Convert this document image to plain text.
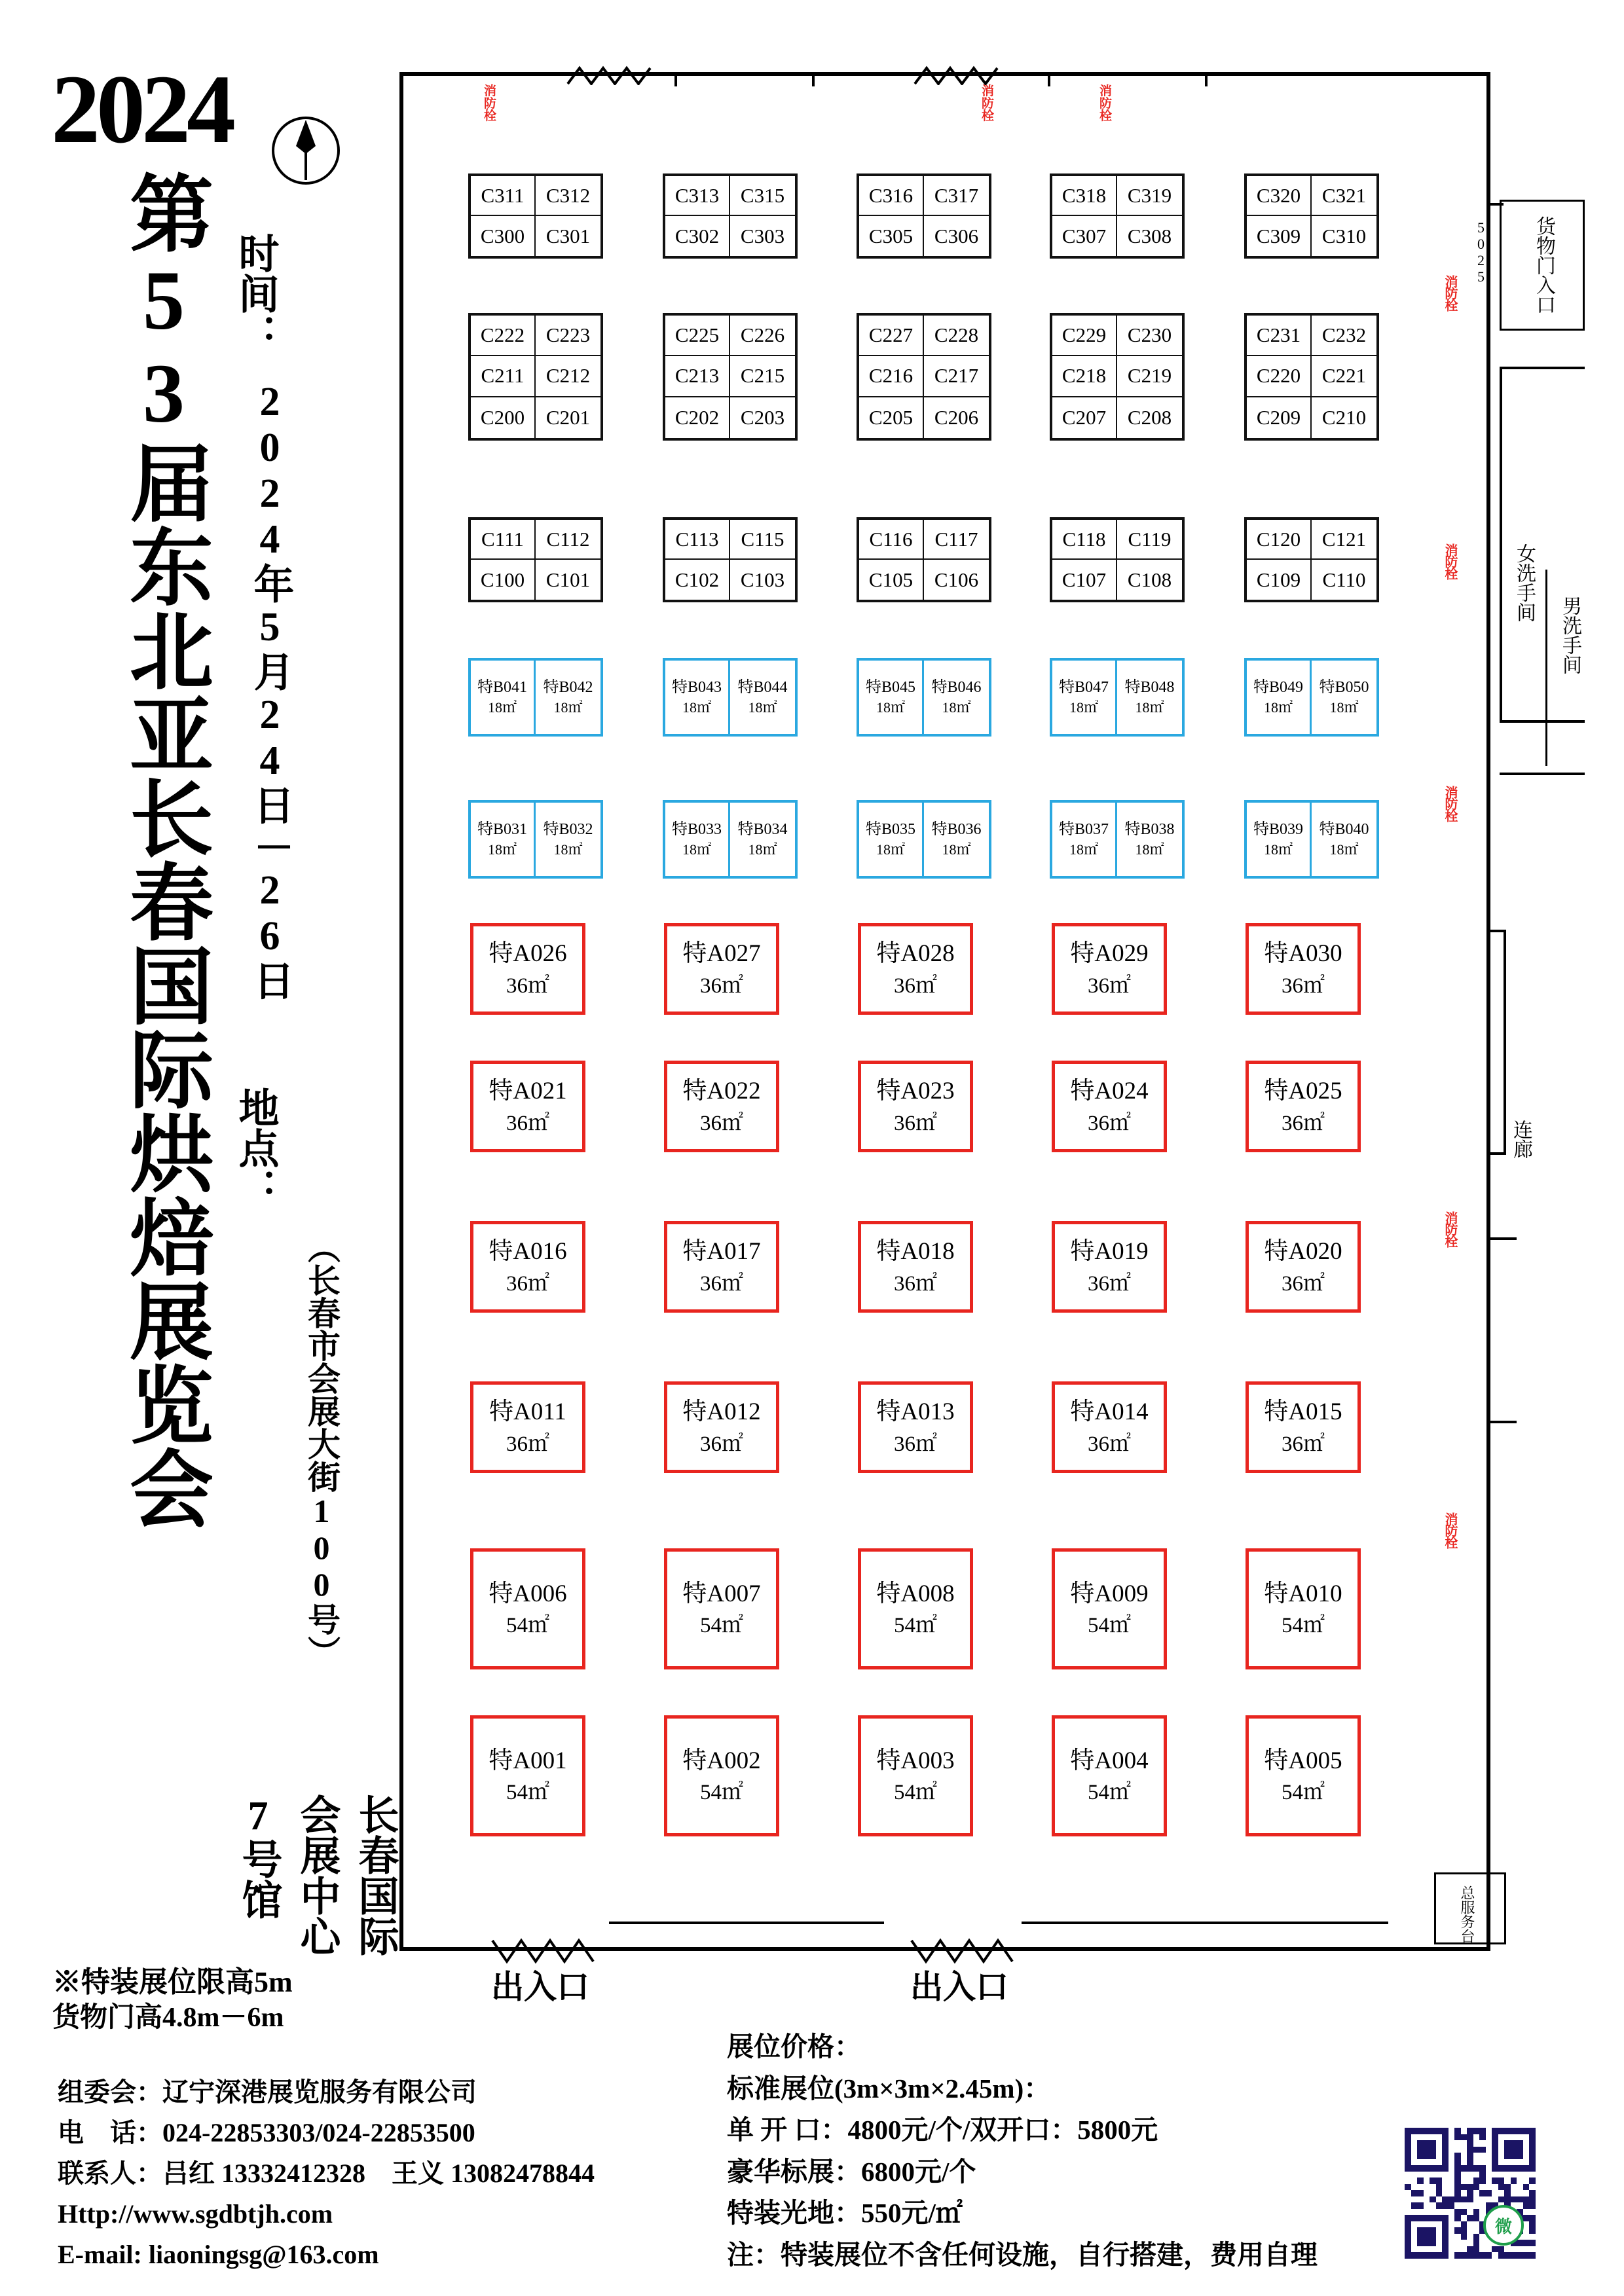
2024
第53届东北亚长春国际烘焙展览会 时间：
2024年5月24日－26日
地点：
（长春市会展大街100号）
长春国际会展中心 7号馆
※特装展位限高5m
货物门高4.8m－6m
组委会：辽宁深港展览服务有限公司
电　话：024-22853303/024-22853500
联系人：吕红 13332412328　王义 13082478844
Http://www.sgdbtjh.com
E-mail: liaoningsg@163.com
展位价格：
标准展位(3m×3m×2.45m)：
单 开 口：4800元/个/双开口：5800元
豪华标展：6800元/个
特装光地：550元/㎡
注：特装展位不含任何设施，自行搭建，费用自理
微
消防栓
消防栓
消防栓
消防栓
消防栓
消防栓
消防栓
消防栓
货物门入口
5025
女洗手间
男洗手间
连廊
总服务台
出入口	出入口
C311	C312
C300	C301
C313	C315
C302	C303
C316	C317
C305	C306
C318	C319
C307	C308
C320	C321
C309	C310
C222	C223
C211	C212
C200	C201
C225	C226
C213	C215
C202	C203
C227	C228
C216	C217
C205	C206
C229	C230
C218	C219
C207	C208
C231	C232
C220	C221
C209	C210
C111	C112
C100	C101
C113	C115
C102	C103
C116	C117
C105	C106
C118	C119
C107	C108
C120	C121
C109	C110
特B041
18㎡
特B042
18㎡
特B043
18㎡
特B044
18㎡
特B045
18㎡
特B046
18㎡
特B047
18㎡
特B048
18㎡
特B049
18㎡
特B050
18㎡
特B031
18㎡
特B032
18㎡
特B033
18㎡
特B034
18㎡
特B035
18㎡
特B036
18㎡
特B037
18㎡
特B038
18㎡
特B039
18㎡
特B040
18㎡
特A026
36㎡
特A027
36㎡
特A028
36㎡
特A029
36㎡
特A030
36㎡
特A021
36㎡
特A022
36㎡
特A023
36㎡
特A024
36㎡
特A025
36㎡
特A016
36㎡
特A017
36㎡
特A018
36㎡
特A019
36㎡
特A020
36㎡
特A011
36㎡
特A012
36㎡
特A013
36㎡
特A014
36㎡
特A015
36㎡
特A006
54㎡
特A007
54㎡
特A008
54㎡
特A009
54㎡
特A010
54㎡
特A001
54㎡
特A002
54㎡
特A003
54㎡
特A004
54㎡
特A005
54㎡
